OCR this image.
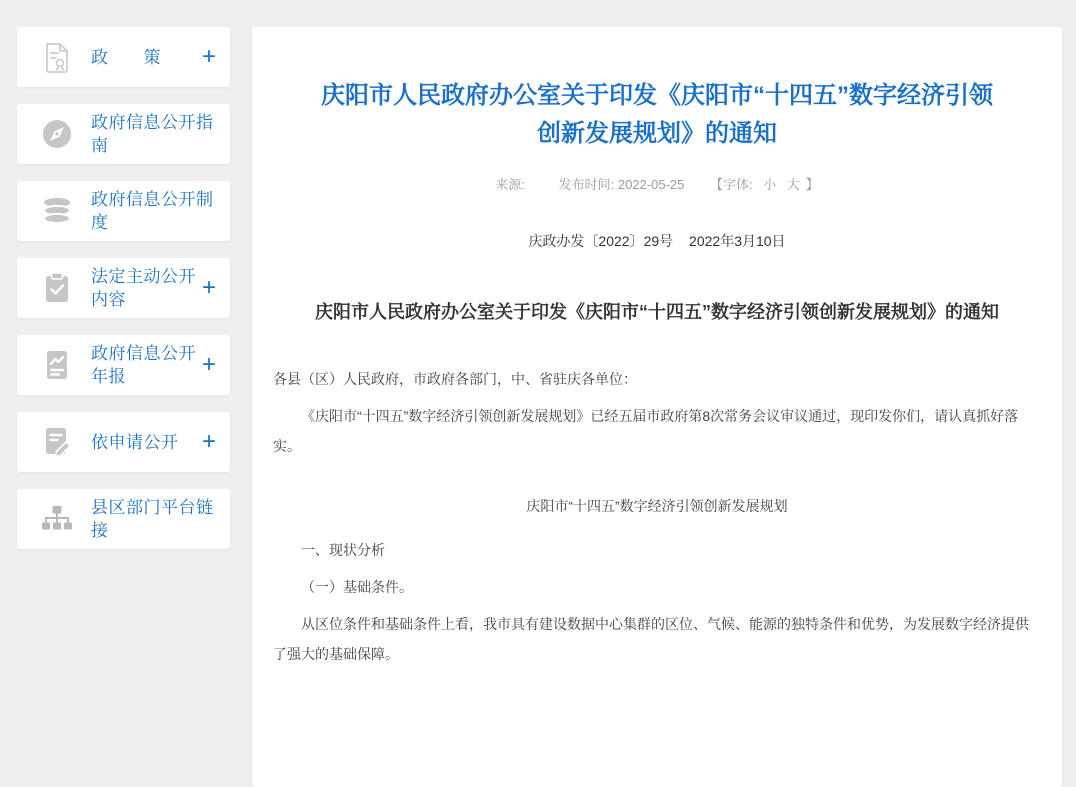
政　　策	+
政府信息公开指南
政府信息公开制度
法定主动公开内容	+
政府信息公开年报	+
依申请公开 +
县区部门平台链接
庆阳市人民政府办公室关于印发《庆阳市“十四五”数字经济引领创新发展规划》的通知
来源:	发布时间: 2022-05-25 【字体: 小 大 】
庆政办发〔2022〕29号 2022年3月10日
庆阳市人民政府办公室关于印发《庆阳市“十四五”数字经济引领创新发展规划》的通知

各县（区）人民政府，市政府各部门，中、省驻庆各单位：

《庆阳市“十四五”数字经济引领创新发展规划》已经五届市政府第8次常务会议审议通过，现印发你们，请认真抓好落实。

庆阳市“十四五”数字经济引领创新发展规划

一、现状分析

（一）基础条件。

从区位条件和基础条件上看，我市具有建设数据中心集群的区位、气候、能源的独特条件和优势，为发展数字经济提供了强大的基础保障。
